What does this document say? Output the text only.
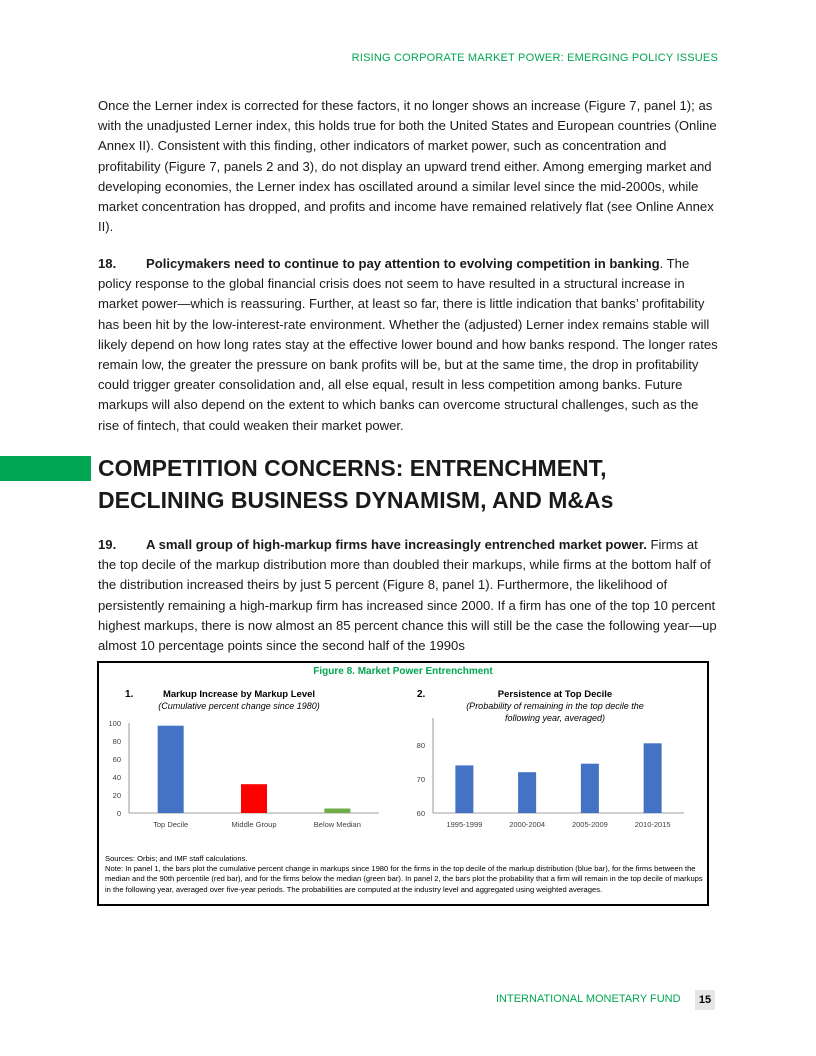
RISING CORPORATE MARKET POWER: EMERGING POLICY ISSUES

Once the Lerner index is corrected for these factors, it no longer shows an increase (Figure 7, panel 1); as with the unadjusted Lerner index, this holds true for both the United States and European countries (Online Annex II). Consistent with this finding, other indicators of market power, such as concentration and profitability (Figure 7, panels 2 and 3), do not display an upward trend either. Among emerging market and developing economies, the Lerner index has oscillated around a similar level since the mid-2000s, while market concentration has dropped, and profits and income have remained relatively flat (see Online Annex II).

18. Policymakers need to continue to pay attention to evolving competition in banking. The policy response to the global financial crisis does not seem to have resulted in a structural increase in market power—which is reassuring. Further, at least so far, there is little indication that banks’ profitability has been hit by the low-interest-rate environment. Whether the (adjusted) Lerner index remains stable will likely depend on how long rates stay at the effective lower bound and how banks respond. The longer rates remain low, the greater the pressure on bank profits will be, but at the same time, the drop in profitability could trigger greater consolidation and, all else equal, result in less competition among banks. Future markups will also depend on the extent to which banks can overcome structural challenges, such as the rise of fintech, that could weaken their market power.

COMPETITION CONCERNS: ENTRENCHMENT,
DECLINING BUSINESS DYNAMISM, AND M&As

19. A small group of high-markup firms have increasingly entrenched market power. Firms at the top decile of the markup distribution more than doubled their markups, while firms at the bottom half of the distribution increased theirs by just 5 percent (Figure 8, panel 1). Furthermore, the likelihood of persistently remaining a high-markup firm has increased since 2000. If a firm has one of the top 10 percent highest markups, there is now almost an 85 percent chance this will still be the case the following year—up almost 10 percentage points since the second half of the 1990s

Figure 8. Market Power Entrenchment
1.	Markup Increase by Markup Level
(Cumulative percent change since 1980)
0
20
40
60
80
100
Top Decile	Middle Group	Below Median
2.	Persistence at Top Decile
(Probability of remaining in the top decile the
following year, averaged)
60
70
80
1995-1999	2000-2004	2005-2009	2010-2015
Sources: Orbis; and IMF staff calculations.
Note: In panel 1, the bars plot the cumulative percent change in markups since 1980 for the firms in the top decile of the markup distribution (blue bar), for the firms between the median and the 90th percentile (red bar), and for the firms below the median (green bar). In panel 2, the bars plot the probability that a firm will remain in the top decile of markups in the following year, averaged over five-year periods. The probabilities are computed at the industry level and aggregated using weighted averages.
INTERNATIONAL MONETARY FUND	15
